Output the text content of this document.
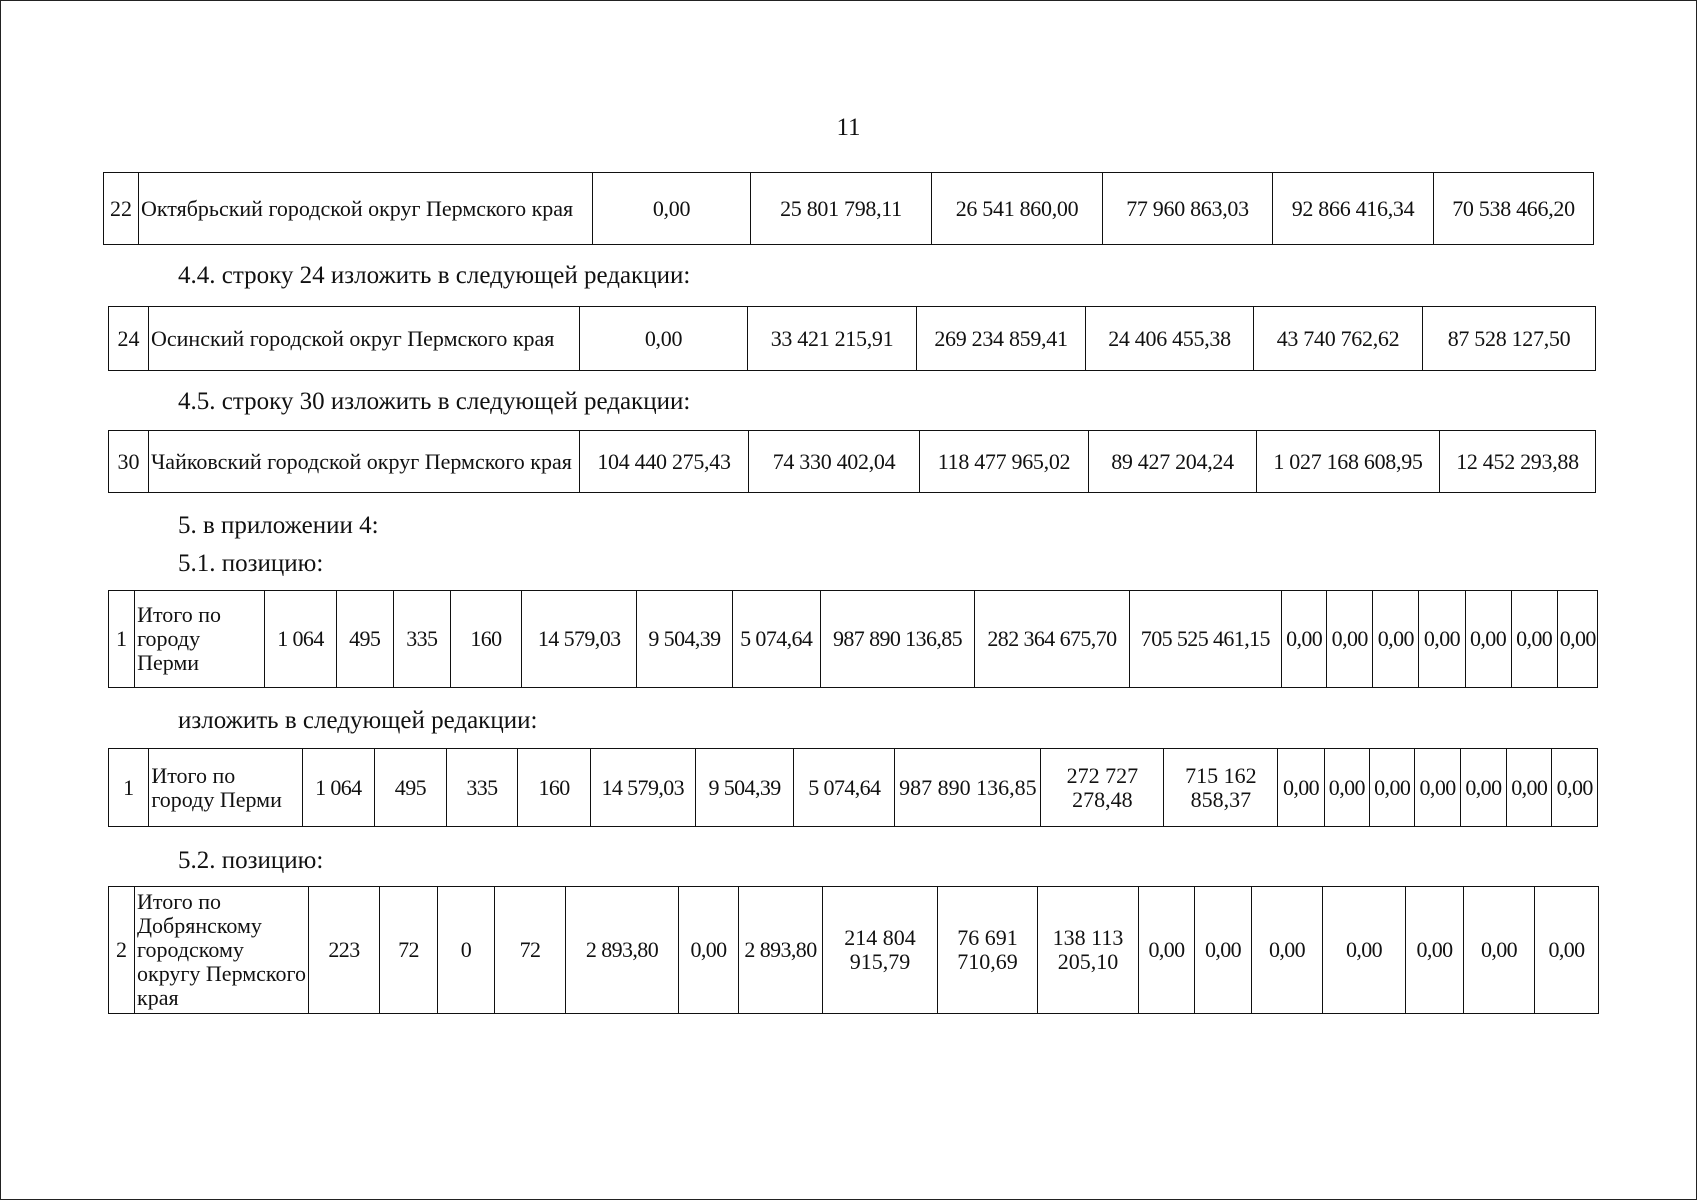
11
22	Октябрьский городской округ Пермского края	0,00	25 801 798,11	26 541 860,00	77 960 863,03	92 866 416,34	70 538 466,20
4.4. строку 24 изложить в следующей редакции:
24	Осинский городской округ Пермского края	0,00	33 421 215,91	269 234 859,41	24 406 455,38	43 740 762,62	87 528 127,50
4.5. строку 30 изложить в следующей редакции:
30	Чайковский городской округ Пермского края	104 440 275,43	74 330 402,04	118 477 965,02	89 427 204,24	1 027 168 608,95	12 452 293,88
5. в приложении 4:
5.1. позицию:
1	Итого по городу Перми	1 064	495	335	160	14 579,03	9 504,39	5 074,64	987 890 136,85	282 364 675,70	705 525 461,15	0,00	0,00	0,00	0,00	0,00	0,00	0,00
изложить в следующей редакции:
1	Итого по городу Перми	1 064	495	335	160	14 579,03	9 504,39	5 074,64	987 890 136,85	272 727 278,48	715 162 858,37	0,00	0,00	0,00	0,00	0,00	0,00	0,00
5.2. позицию:
2	Итого по Добрянскому городскому округу Пермского края	223	72	0	72	2 893,80	0,00	2 893,80	214 804 915,79	76 691 710,69	138 113 205,10	0,00	0,00	0,00	0,00	0,00	0,00	0,00
